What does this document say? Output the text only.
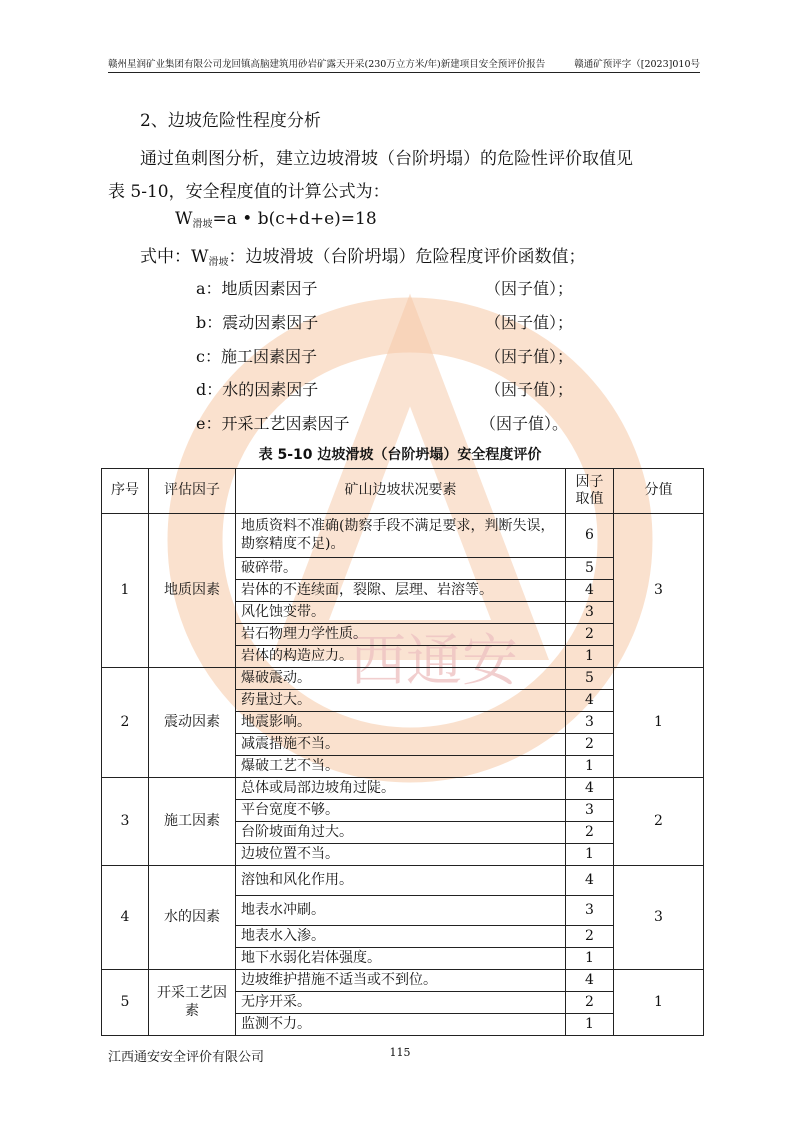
西通安
赣州星润矿业集团有限公司龙回镇高脑建筑用砂岩矿露天开采(230万立方米/年)新建项目安全预评价报告	赣通矿预评字（[2023]010号
2、边坡危险性程度分析
通过鱼刺图分析，建立边坡滑坡（台阶坍塌）的危险性评价取值见
表 5-10，安全程度值的计算公式为：
$W_{滑坡}=a$ • b(c+d+e)=18
式中：$W_{滑坡}$：边坡滑坡（台阶坍塌）危险程度评价函数值；
a：地质因素因子	（因子值）；
b：震动因素因子	（因子值）；
c：施工因素因子	（因子值）；
d：水的因素因子	（因子值）；
e：开采工艺因素因子	（因子值）。
表 5-10 边坡滑坡（台阶坍塌）安全程度评价
序号	评估因子	矿山边坡状况要素	因子取值	分值
1	地质因素	地质资料不准确(勘察手段不满足要求，判断失误，勘察精度不足)。	6	3
		破碎带。	5	
		岩体的不连续面，裂隙、层理、岩溶等。	4	
		风化蚀变带。	3	
		岩石物理力学性质。	2	
		岩体的构造应力。	1	
2	震动因素	爆破震动。	5	1
		药量过大。	4	
		地震影响。	3	
		减震措施不当。	2	
		爆破工艺不当。	1	
3	施工因素	总体或局部边坡角过陡。	4	2
		平台宽度不够。	3	
		台阶坡面角过大。	2	
		边坡位置不当。	1	
4	水的因素	溶蚀和风化作用。	4	3
		地表水冲刷。	3	
		地表水入渗。	2	
		地下水弱化岩体强度。	1	
5	开采工艺因素	边坡维护措施不适当或不到位。	4	1
		无序开采。	2	
		监测不力。	1	
江西通安安全评价有限公司	115
